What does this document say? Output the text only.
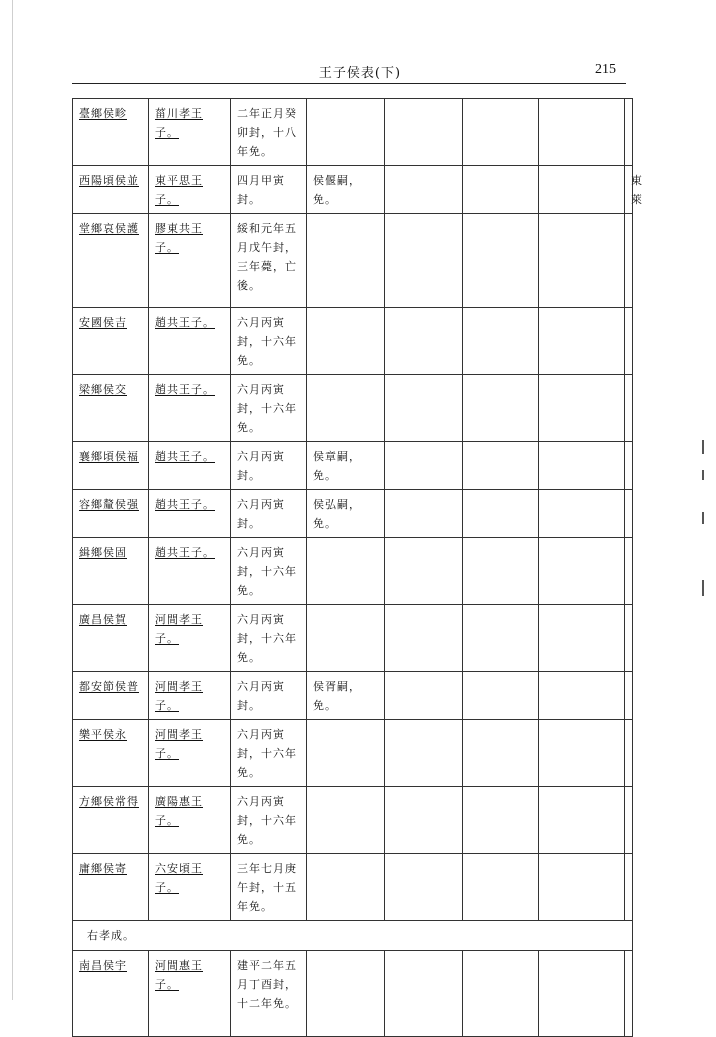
王子侯表(下)	215
臺鄉侯畛	菑川孝王子。	二年正月癸卯封，十八年免。					
西陽頃侯並	東平思王子。	四月甲寅封。	侯偃嗣，免。				東萊
堂鄉哀侯護	膠東共王子。	綏和元年五月戊午封，三年薨，亡後。					
安國侯吉	趙共王子。	六月丙寅封，十六年免。					
梁鄉侯交	趙共王子。	六月丙寅封，十六年免。					
襄鄉頃侯福	趙共王子。	六月丙寅封。	侯章嗣，免。				
容鄉釐侯强	趙共王子。	六月丙寅封。	侯弘嗣，免。				
緝鄉侯固	趙共王子。	六月丙寅封，十六年免。					
廣昌侯賀	河間孝王子。	六月丙寅封，十六年免。					
都安節侯普	河間孝王子。	六月丙寅封。	侯胥嗣，免。				
樂平侯永	河間孝王子。	六月丙寅封，十六年免。					
方鄉侯常得	廣陽惠王子。	六月丙寅封，十六年免。					
庸鄉侯寄	六安頃王子。	三年七月庚午封，十五年免。					
右孝成。							
南昌侯宇	河間惠王子。	建平二年五月丁酉封，十二年免。					
